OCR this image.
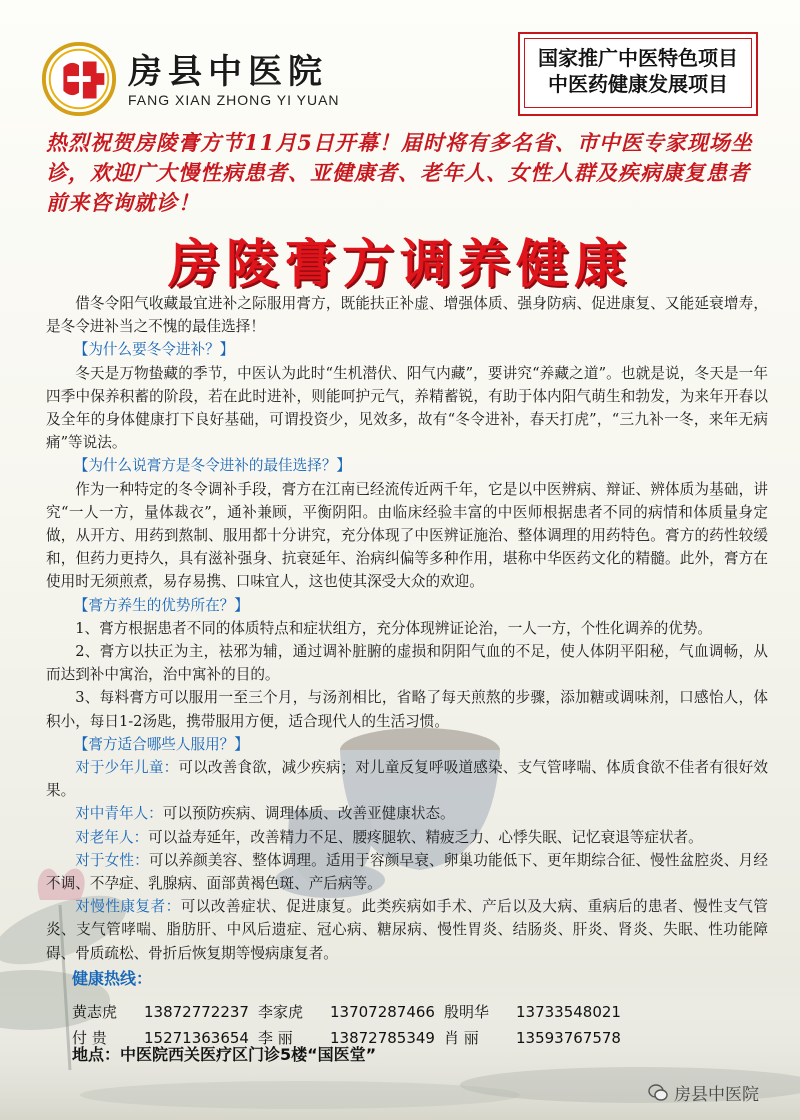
房县中医院
FANG XIAN ZHONG YI YUAN
国家推广中医特色项目
中医药健康发展项目
热烈祝贺房陵膏方节11月5日开幕！届时将有多名省、市中医专家现场坐诊，欢迎广大慢性病患者、亚健康者、老年人、女性人群及疾病康复患者前来咨询就诊！
房陵膏方调养健康

借冬令阳气收藏最宜进补之际服用膏方，既能扶正补虚、增强体质、强身防病、促进康复、又能延衰增寿，是冬令进补当之不愧的最佳选择！

【为什么要冬令进补？】

冬天是万物蛰藏的季节，中医认为此时“生机潜伏、阳气内藏”，要讲究“养藏之道”。也就是说，冬天是一年四季中保养积蓄的阶段，若在此时进补，则能呵护元气，养精蓄锐，有助于体内阳气萌生和勃发，为来年开春以及全年的身体健康打下良好基础，可谓投资少，见效多，故有“冬令进补，春天打虎”，“三九补一冬，来年无病痛”等说法。

【为什么说膏方是冬令进补的最佳选择？】

作为一种特定的冬令调补手段，膏方在江南已经流传近两千年，它是以中医辨病、辩证、辨体质为基础，讲究“一人一方，量体裁衣”，通补兼顾，平衡阴阳。由临床经验丰富的中医师根据患者不同的病情和体质量身定做，从开方、用药到熬制、服用都十分讲究，充分体现了中医辨证施治、整体调理的用药特色。膏方的药性较缓和，但药力更持久，具有滋补强身、抗衰延年、治病纠偏等多种作用，堪称中华医药文化的精髓。此外，膏方在使用时无须煎煮，易存易携、口味宜人，这也使其深受大众的欢迎。

【膏方养生的优势所在？】

1、膏方根据患者不同的体质特点和症状组方，充分体现辨证论治，一人一方，个性化调养的优势。

2、膏方以扶正为主，袪邪为辅，通过调补脏腑的虚损和阴阳气血的不足，使人体阴平阳秘，气血调畅，从而达到补中寓治，治中寓补的目的。

3、每料膏方可以服用一至三个月，与汤剂相比，省略了每天煎熬的步骤，添加糖或调味剂，口感怡人，体积小，每日1-2汤匙，携带服用方便，适合现代人的生活习惯。

【膏方适合哪些人服用？】

对于少年儿童：可以改善食欲，减少疾病；对儿童反复呼吸道感染、支气管哮喘、体质食欲不佳者有很好效果。

对中青年人：可以预防疾病、调理体质、改善亚健康状态。

对老年人：可以益寿延年，改善精力不足、腰疼腿软、精疲乏力、心悸失眠、记忆衰退等症状者。

对于女性：可以养颜美容、整体调理。适用于容颜早衰、卵巢功能低下、更年期综合征、慢性盆腔炎、月经不调、不孕症、乳腺病、面部黄褐色斑、产后病等。

对慢性康复者：可以改善症状、促进康复。此类疾病如手术、产后以及大病、重病后的患者、慢性支气管炎、支气管哮喘、脂肪肝、中风后遗症、冠心病、糖尿病、慢性胃炎、结肠炎、肝炎、肾炎、失眠、性功能障碍、骨质疏松、骨折后恢复期等慢病康复者。

健康热线：
黄志虎	13872772237 李家虎	13707287466 殷明华	13733548021
付 贵	15271363654 李 丽	13872785349 肖 丽	13593767578
地点：中医院西关医疗区门诊5楼“国医堂”
房县中医院
